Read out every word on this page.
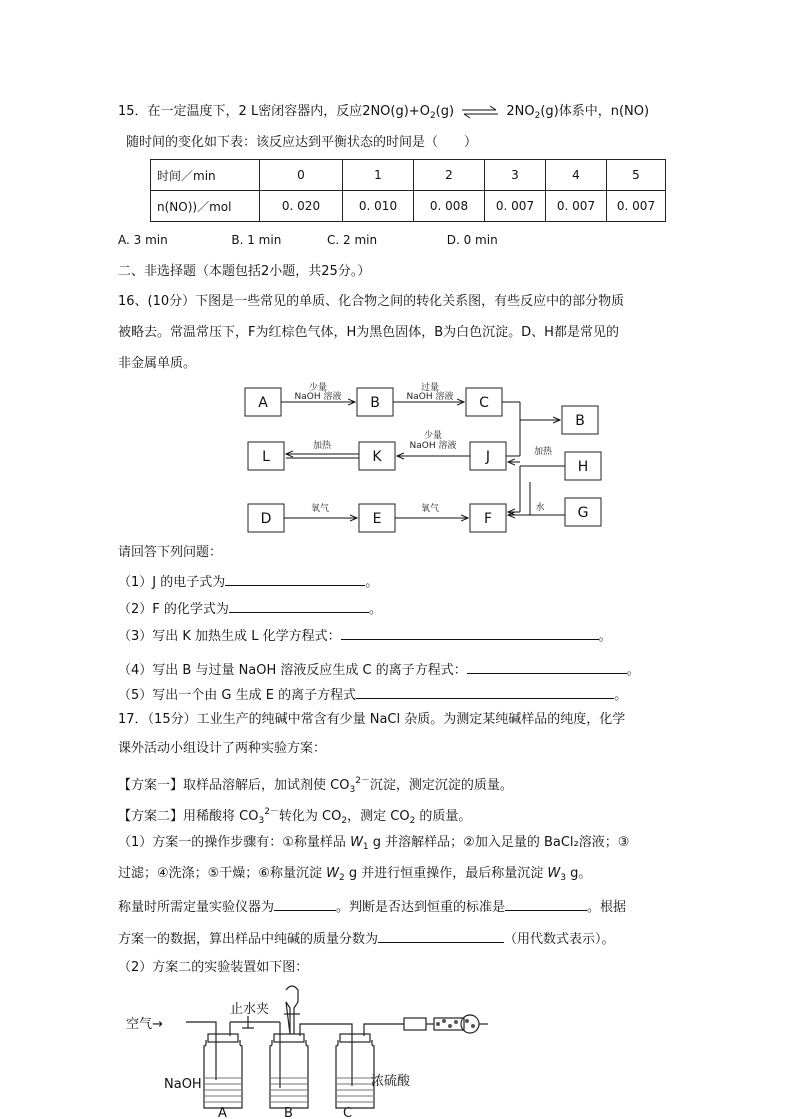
15．在一定温度下，2 L密闭容器内，反应$2NO(g)+O_2(g)$ ⇌ $2NO_2(g)$体系中，n(NO)
随时间的变化如下表：该反应达到平衡状态的时间是（　　）
时间／min	0	1	2	3	4	5
n(NO))／mol	0. 020	0. 010	0. 008	0. 007	0. 007	0. 007
A. 3 min	B. 1 min	C. 2 min	D. 0 min
二、非选择题（本题包括2小题，共25分。）
16、(10分）下图是一些常见的单质、化合物之间的转化关系图，有些反应中的部分物质
被略去。常温常压下，F为红棕色气体，H为黑色固体，B为白色沉淀。D、H都是常见的
非金属单质。
A	B	C
B
L	K	J
H
D	E	F	G
少量
NaOH 溶液
过量
NaOH 溶液
少量
NaOH 溶液
加热
氧气	氧气
加热
水
请回答下列问题：
（1）J 的电子式为	。
（2）F 的化学式为	。
（3）写出 K 加热生成 L 化学方程式：	。
（4）写出 B 与过量 NaOH 溶液反应生成 C 的离子方程式：	。
（5）写出一个由 G 生成 E 的离子方程式	。
17．（15分）工业生产的纯碱中常含有少量 NaCl 杂质。为测定某纯碱样品的纯度，化学
课外活动小组设计了两种实验方案：
【方案一】取样品溶解后，加试剂使 $CO_3^{2-}$沉淀，测定沉淀的质量。
【方案二】用稀酸将 $CO_3^{2-}$转化为 $CO_2$，测定 $CO_2$ 的质量。
（1）方案一的操作步骤有：①称量样品 $W_1$ g 并溶解样品；②加入足量的 BaCl₂溶液；③
过滤；④洗涤；⑤干燥；⑥称量沉淀 $W_2$ g 并进行恒重操作，最后称量沉淀 $W_3$ g。
称量时所需定量实验仪器为	。判断是否达到恒重的标准是	。根据
方案一的数据，算出样品中纯碱的质量分数为	（用代数式表示）。
（2）方案二的实验装置如下图：
空气→
止水夹
NaOH	浓硫酸
A	B	C
